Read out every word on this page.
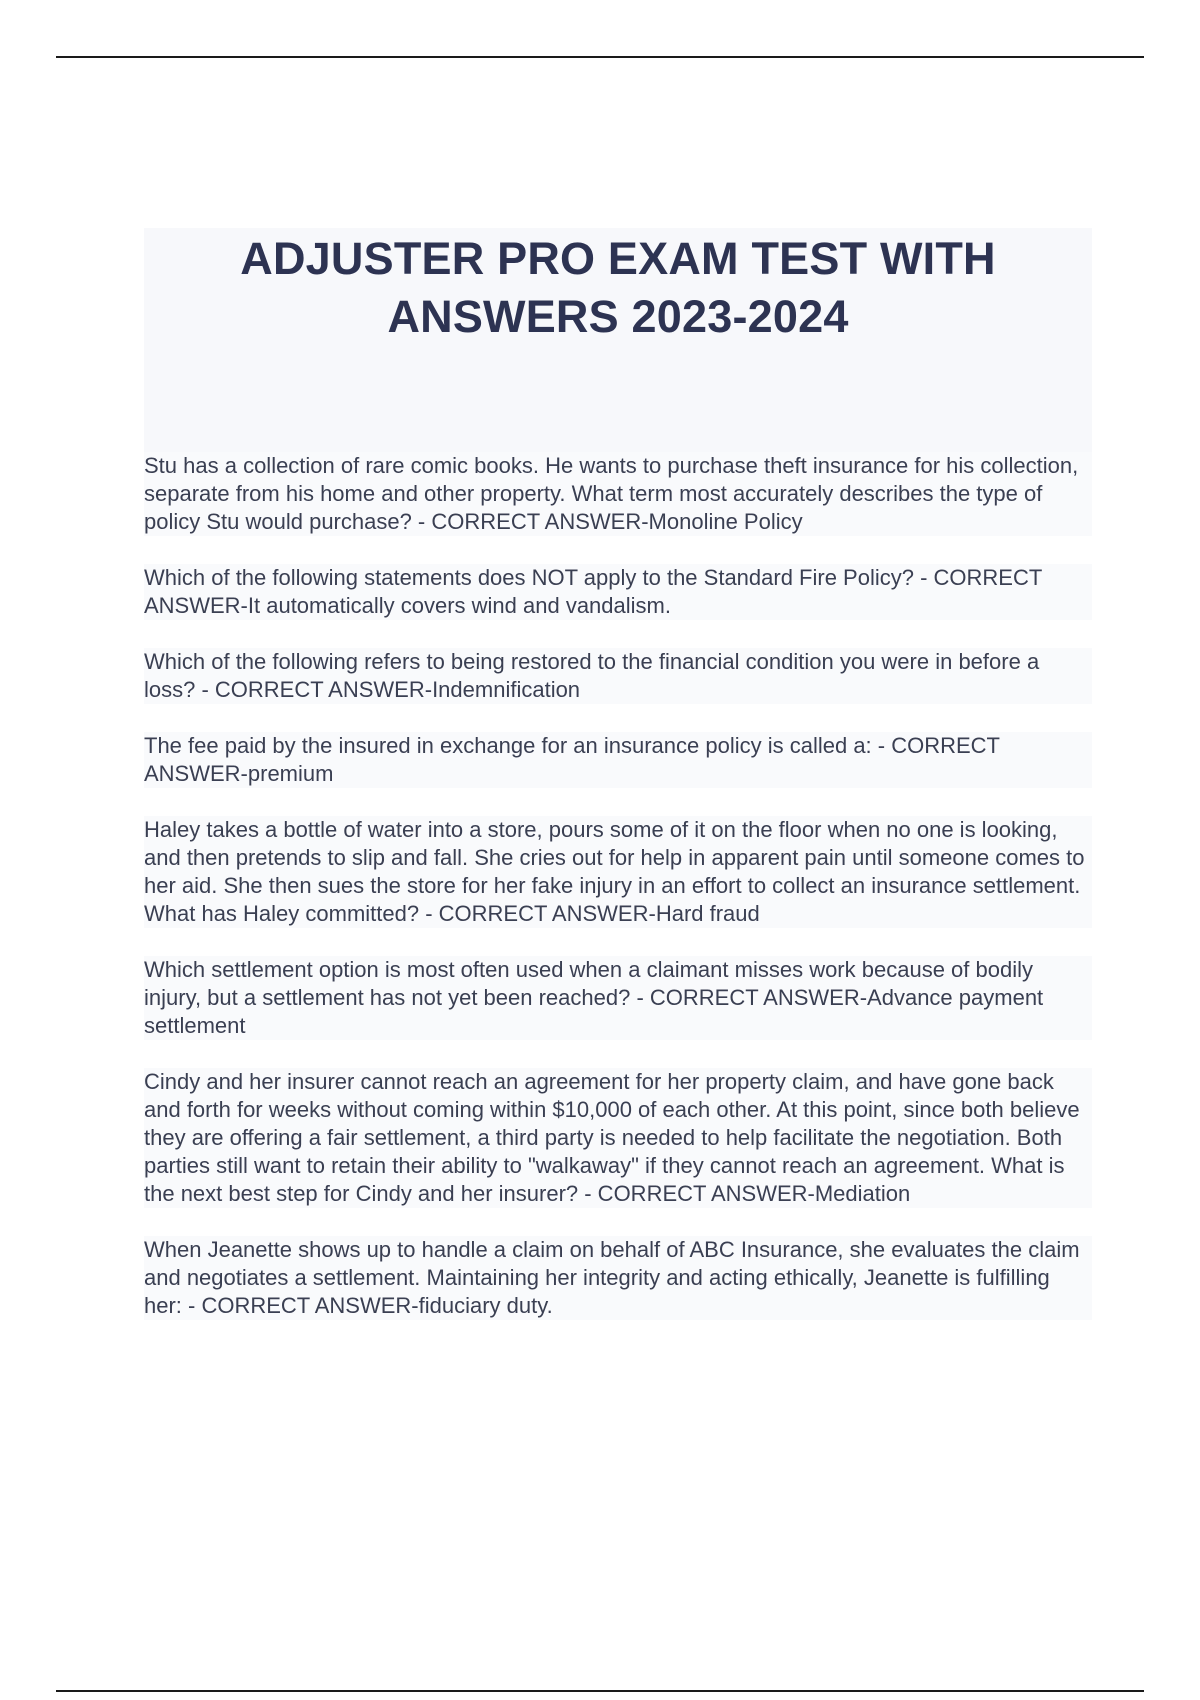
ADJUSTER PRO EXAM TEST WITH ANSWERS 2023-2024

Stu has a collection of rare comic books. He wants to purchase theft insurance for his collection, separate from his home and other property. What term most accurately describes the type of policy Stu would purchase? - CORRECT ANSWER-Monoline Policy

Which of the following statements does NOT apply to the Standard Fire Policy? - CORRECT ANSWER-It automatically covers wind and vandalism.

Which of the following refers to being restored to the financial condition you were in before a loss? - CORRECT ANSWER-Indemnification

The fee paid by the insured in exchange for an insurance policy is called a: - CORRECT ANSWER-premium

Haley takes a bottle of water into a store, pours some of it on the floor when no one is looking, and then pretends to slip and fall. She cries out for help in apparent pain until someone comes to her aid. She then sues the store for her fake injury in an effort to collect an insurance settlement. What has Haley committed? - CORRECT ANSWER-Hard fraud

Which settlement option is most often used when a claimant misses work because of bodily injury, but a settlement has not yet been reached? - CORRECT ANSWER-Advance payment settlement

Cindy and her insurer cannot reach an agreement for her property claim, and have gone back and forth for weeks without coming within $10,000 of each other. At this point, since both believe they are offering a fair settlement, a third party is needed to help facilitate the negotiation. Both parties still want to retain their ability to "walkaway" if they cannot reach an agreement. What is the next best step for Cindy and her insurer? - CORRECT ANSWER-Mediation

When Jeanette shows up to handle a claim on behalf of ABC Insurance, she evaluates the claim and negotiates a settlement. Maintaining her integrity and acting ethically, Jeanette is fulfilling her: - CORRECT ANSWER-fiduciary duty.
